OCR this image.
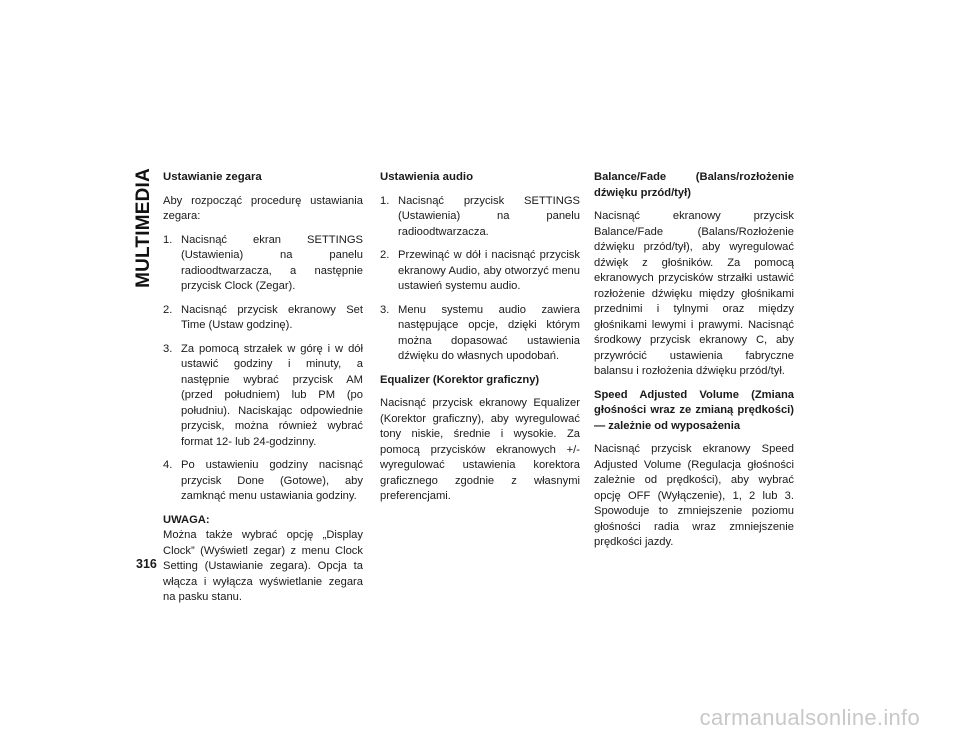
MULTIMEDIA Ustawianie zegara

Aby rozpocząć procedurę ustawiania zegara:

1. Nacisnąć ekran SETTINGS (Ustawienia) na panelu radioodtwarzacza, a następnie przycisk Clock (Zegar).
2. Nacisnąć przycisk ekranowy Set Time (Ustaw godzinę).
3. Za pomocą strzałek w górę i w dół ustawić godziny i minuty, a następnie wybrać przycisk AM (przed południem) lub PM (po południu). Naciskając odpowiednie przycisk, można również wybrać format 12- lub 24-godzinny.
4. Po ustawieniu godziny nacisnąć przycisk Done (Gotowe), aby zamknąć menu ustawiania godziny.
UWAGA:

Można także wybrać opcję „Display Clock” (Wyświetl zegar) z menu Clock Setting (Ustawianie zegara). Opcja ta włącza i wyłącza wyświetlanie zegara na pasku stanu.

Ustawienia audio
1. Nacisnąć przycisk SETTINGS (Ustawienia) na panelu radioodtwarzacza.
2. Przewinąć w dół i nacisnąć przycisk ekranowy Audio, aby otworzyć menu ustawień systemu audio.
3. Menu systemu audio zawiera następujące opcje, dzięki którym można dopasować ustawienia dźwięku do własnych upodobań.
Equalizer (Korektor graficzny)

Nacisnąć przycisk ekranowy Equalizer (Korektor graficzny), aby wyregulować tony niskie, średnie i wysokie. Za pomocą przycisków ekranowych +/- wyregulować ustawienia korektora graficznego zgodnie z własnymi preferencjami.

Balance/Fade (Balans/rozłożenie dźwięku przód/tył)

Nacisnąć ekranowy przycisk Balance/Fade (Balans/Rozłożenie dźwięku przód/tył), aby wyregulować dźwięk z głośników. Za pomocą ekranowych przycisków strzałki ustawić rozłożenie dźwięku między głośnikami przednimi i tylnymi oraz między głośnikami lewymi i prawymi. Nacisnąć środkowy przycisk ekranowy C, aby przywrócić ustawienia fabryczne balansu i rozłożenia dźwięku przód/tył.

Speed Adjusted Volume (Zmiana głośności wraz ze zmianą prędkości) — zależnie od wyposażenia

Nacisnąć przycisk ekranowy Speed Adjusted Volume (Regulacja głośności zależnie od prędkości), aby wybrać opcję OFF (Wyłączenie), 1, 2 lub 3. Spowoduje to zmniejszenie poziomu głośności radia wraz zmniejszenie prędkości jazdy.

316
carmanualsonline.info
